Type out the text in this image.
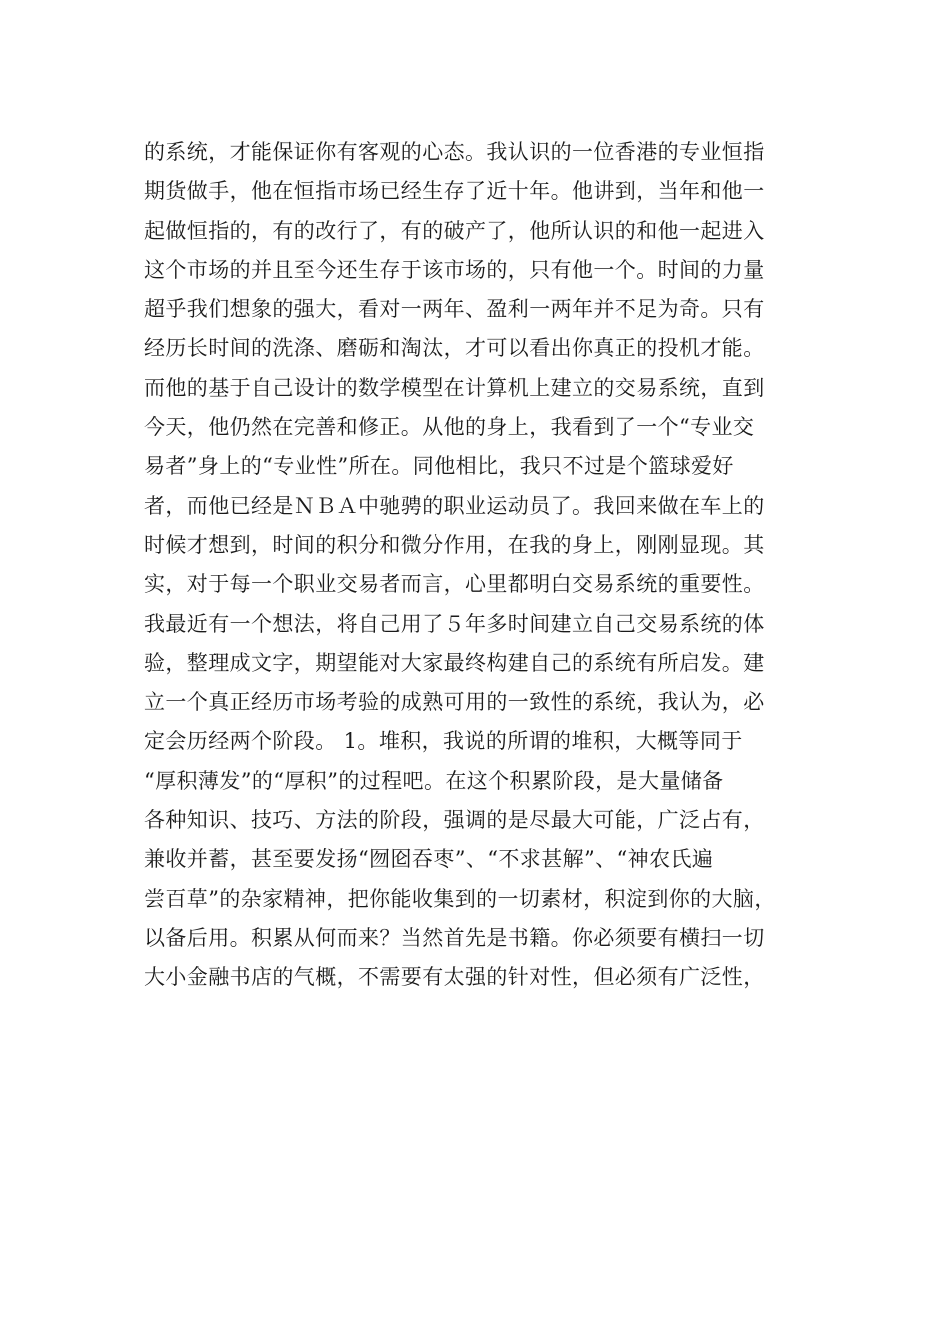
的系统，才能保证你有客观的心态。我认识的一位香港的专业恒指
期货做手，他在恒指市场已经生存了近十年。他讲到，当年和他一
起做恒指的，有的改行了，有的破产了，他所认识的和他一起进入
这个市场的并且至今还生存于该市场的，只有他一个。时间的力量
超乎我们想象的强大，看对一两年、盈利一两年并不足为奇。只有
经历长时间的洗涤、磨砺和淘汰，才可以看出你真正的投机才能。
而他的基于自己设计的数学模型在计算机上建立的交易系统，直到
今天，他仍然在完善和修正。从他的身上，我看到了一个“专业交
易者”身上的“专业性”所在。同他相比，我只不过是个篮球爱好
者，而他已经是ＮＢＡ中驰骋的职业运动员了。我回来做在车上的
时候才想到，时间的积分和微分作用，在我的身上，刚刚显现。其
实，对于每一个职业交易者而言，心里都明白交易系统的重要性。
我最近有一个想法，将自己用了５年多时间建立自己交易系统的体
验，整理成文字，期望能对大家最终构建自己的系统有所启发。建
立一个真正经历市场考验的成熟可用的一致性的系统，我认为，必
定会历经两个阶段。 1。堆积，我说的所谓的堆积，大概等同于
“厚积薄发”的“厚积”的过程吧。在这个积累阶段，是大量储备
各种知识、技巧、方法的阶段，强调的是尽最大可能，广泛占有，
兼收并蓄，甚至要发扬“囫囵吞枣”、“不求甚解”、“神农氏遍
尝百草”的杂家精神，把你能收集到的一切素材，积淀到你的大脑，
以备后用。积累从何而来？当然首先是书籍。你必须要有横扫一切
大小金融书店的气概，不需要有太强的针对性，但必须有广泛性，
